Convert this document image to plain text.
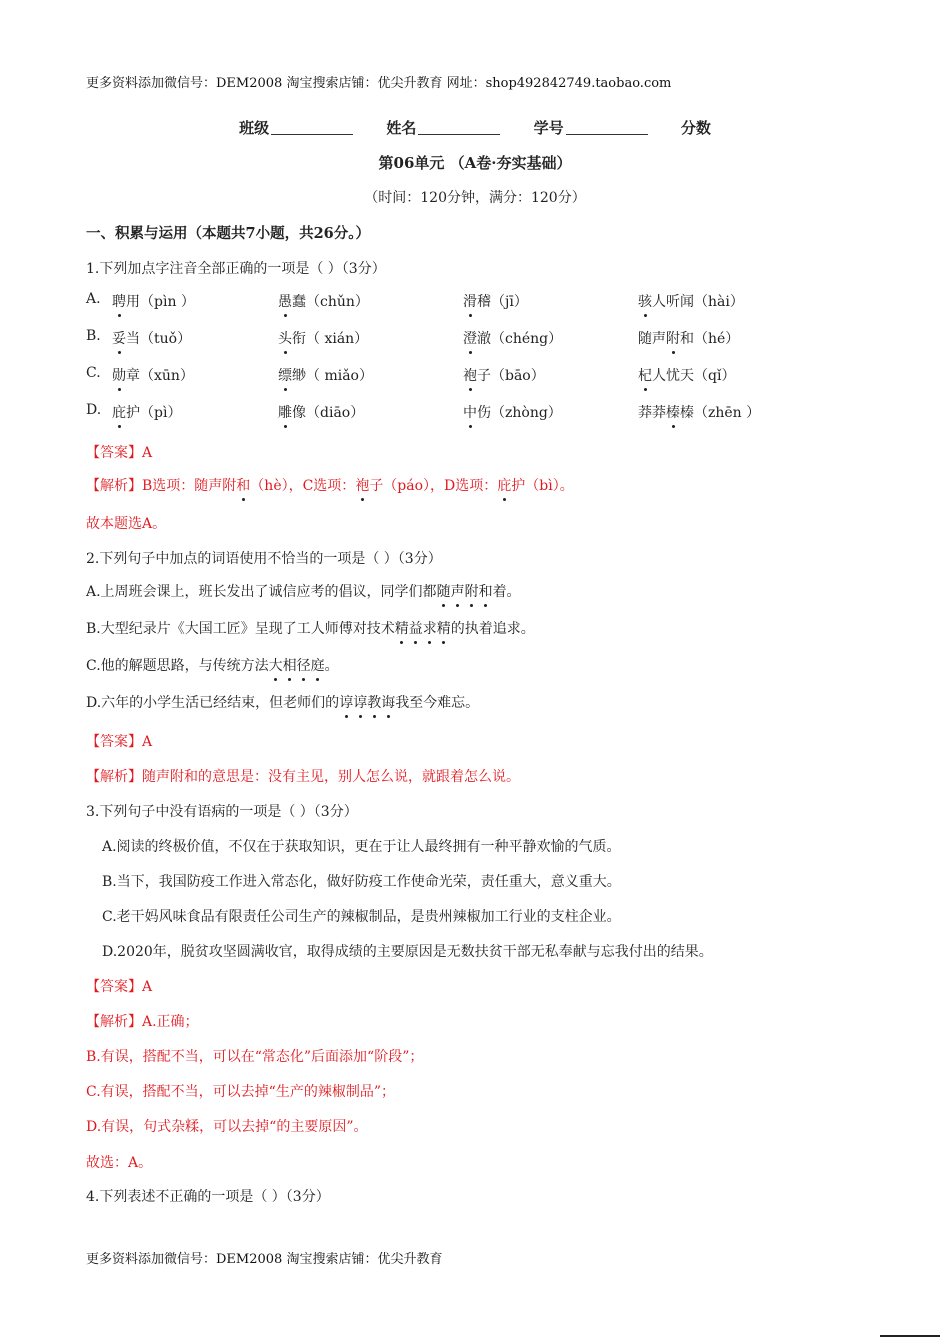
更多资料添加微信号：DEM2008 淘宝搜索店铺：优尖升教育 网址：shop492842749.taobao.com
班级	姓名	学号	分数
第06单元 （A卷·夯实基础）
（时间：120分钟，满分：120分）
一、积累与运用（本题共7小题，共26分。）
1.下列加点字注音全部正确的一项是（ ）（3分）
A. 聘用（pìn ）	愚蠢（chǔn）	滑稽（jī）	骇人听闻（hài）
B. 妥当（tuǒ）	头衔（ xián）	澄澈（chéng）	随声附和（hé）
C. 勋章（xūn）	缥缈（ miǎo）	袍子（bāo）	杞人忧天（qǐ）
D. 庇护（pì）	雕像（diāo）	中伤（zhòng）	莽莽榛榛（zhēn ）
【答案】A
【解析】B选项：随声附和（hè），C选项：袍子（páo），D选项：庇护（bì）。
故本题选A。
2.下列句子中加点的词语使用不恰当的一项是（ ）（3分）
A.上周班会课上，班长发出了诚信应考的倡议，同学们都随声附和着。
B.大型纪录片《大国工匠》呈现了工人师傅对技术精益求精的执着追求。
C.他的解题思路，与传统方法大相径庭。
D.六年的小学生活已经结束，但老师们的谆谆教诲我至今难忘。
【答案】A
【解析】随声附和的意思是：没有主见，别人怎么说，就跟着怎么说。
3.下列句子中没有语病的一项是（ ）（3分）
A.阅读的终极价值，不仅在于获取知识，更在于让人最终拥有一种平静欢愉的气质。
B.当下，我国防疫工作进入常态化，做好防疫工作使命光荣，责任重大，意义重大。
C.老干妈风味食品有限责任公司生产的辣椒制品，是贵州辣椒加工行业的支柱企业。
D.2020年，脱贫攻坚圆满收官，取得成绩的主要原因是无数扶贫干部无私奉献与忘我付出的结果。
【答案】A
【解析】A.正确；
B.有误，搭配不当，可以在“常态化”后面添加“阶段”；
C.有误，搭配不当，可以去掉“生产的辣椒制品”；
D.有误，句式杂糅，可以去掉“的主要原因”。
故选：A。
4.下列表述不正确的一项是（ ）（3分）
更多资料添加微信号：DEM2008 淘宝搜索店铺：优尖升教育
